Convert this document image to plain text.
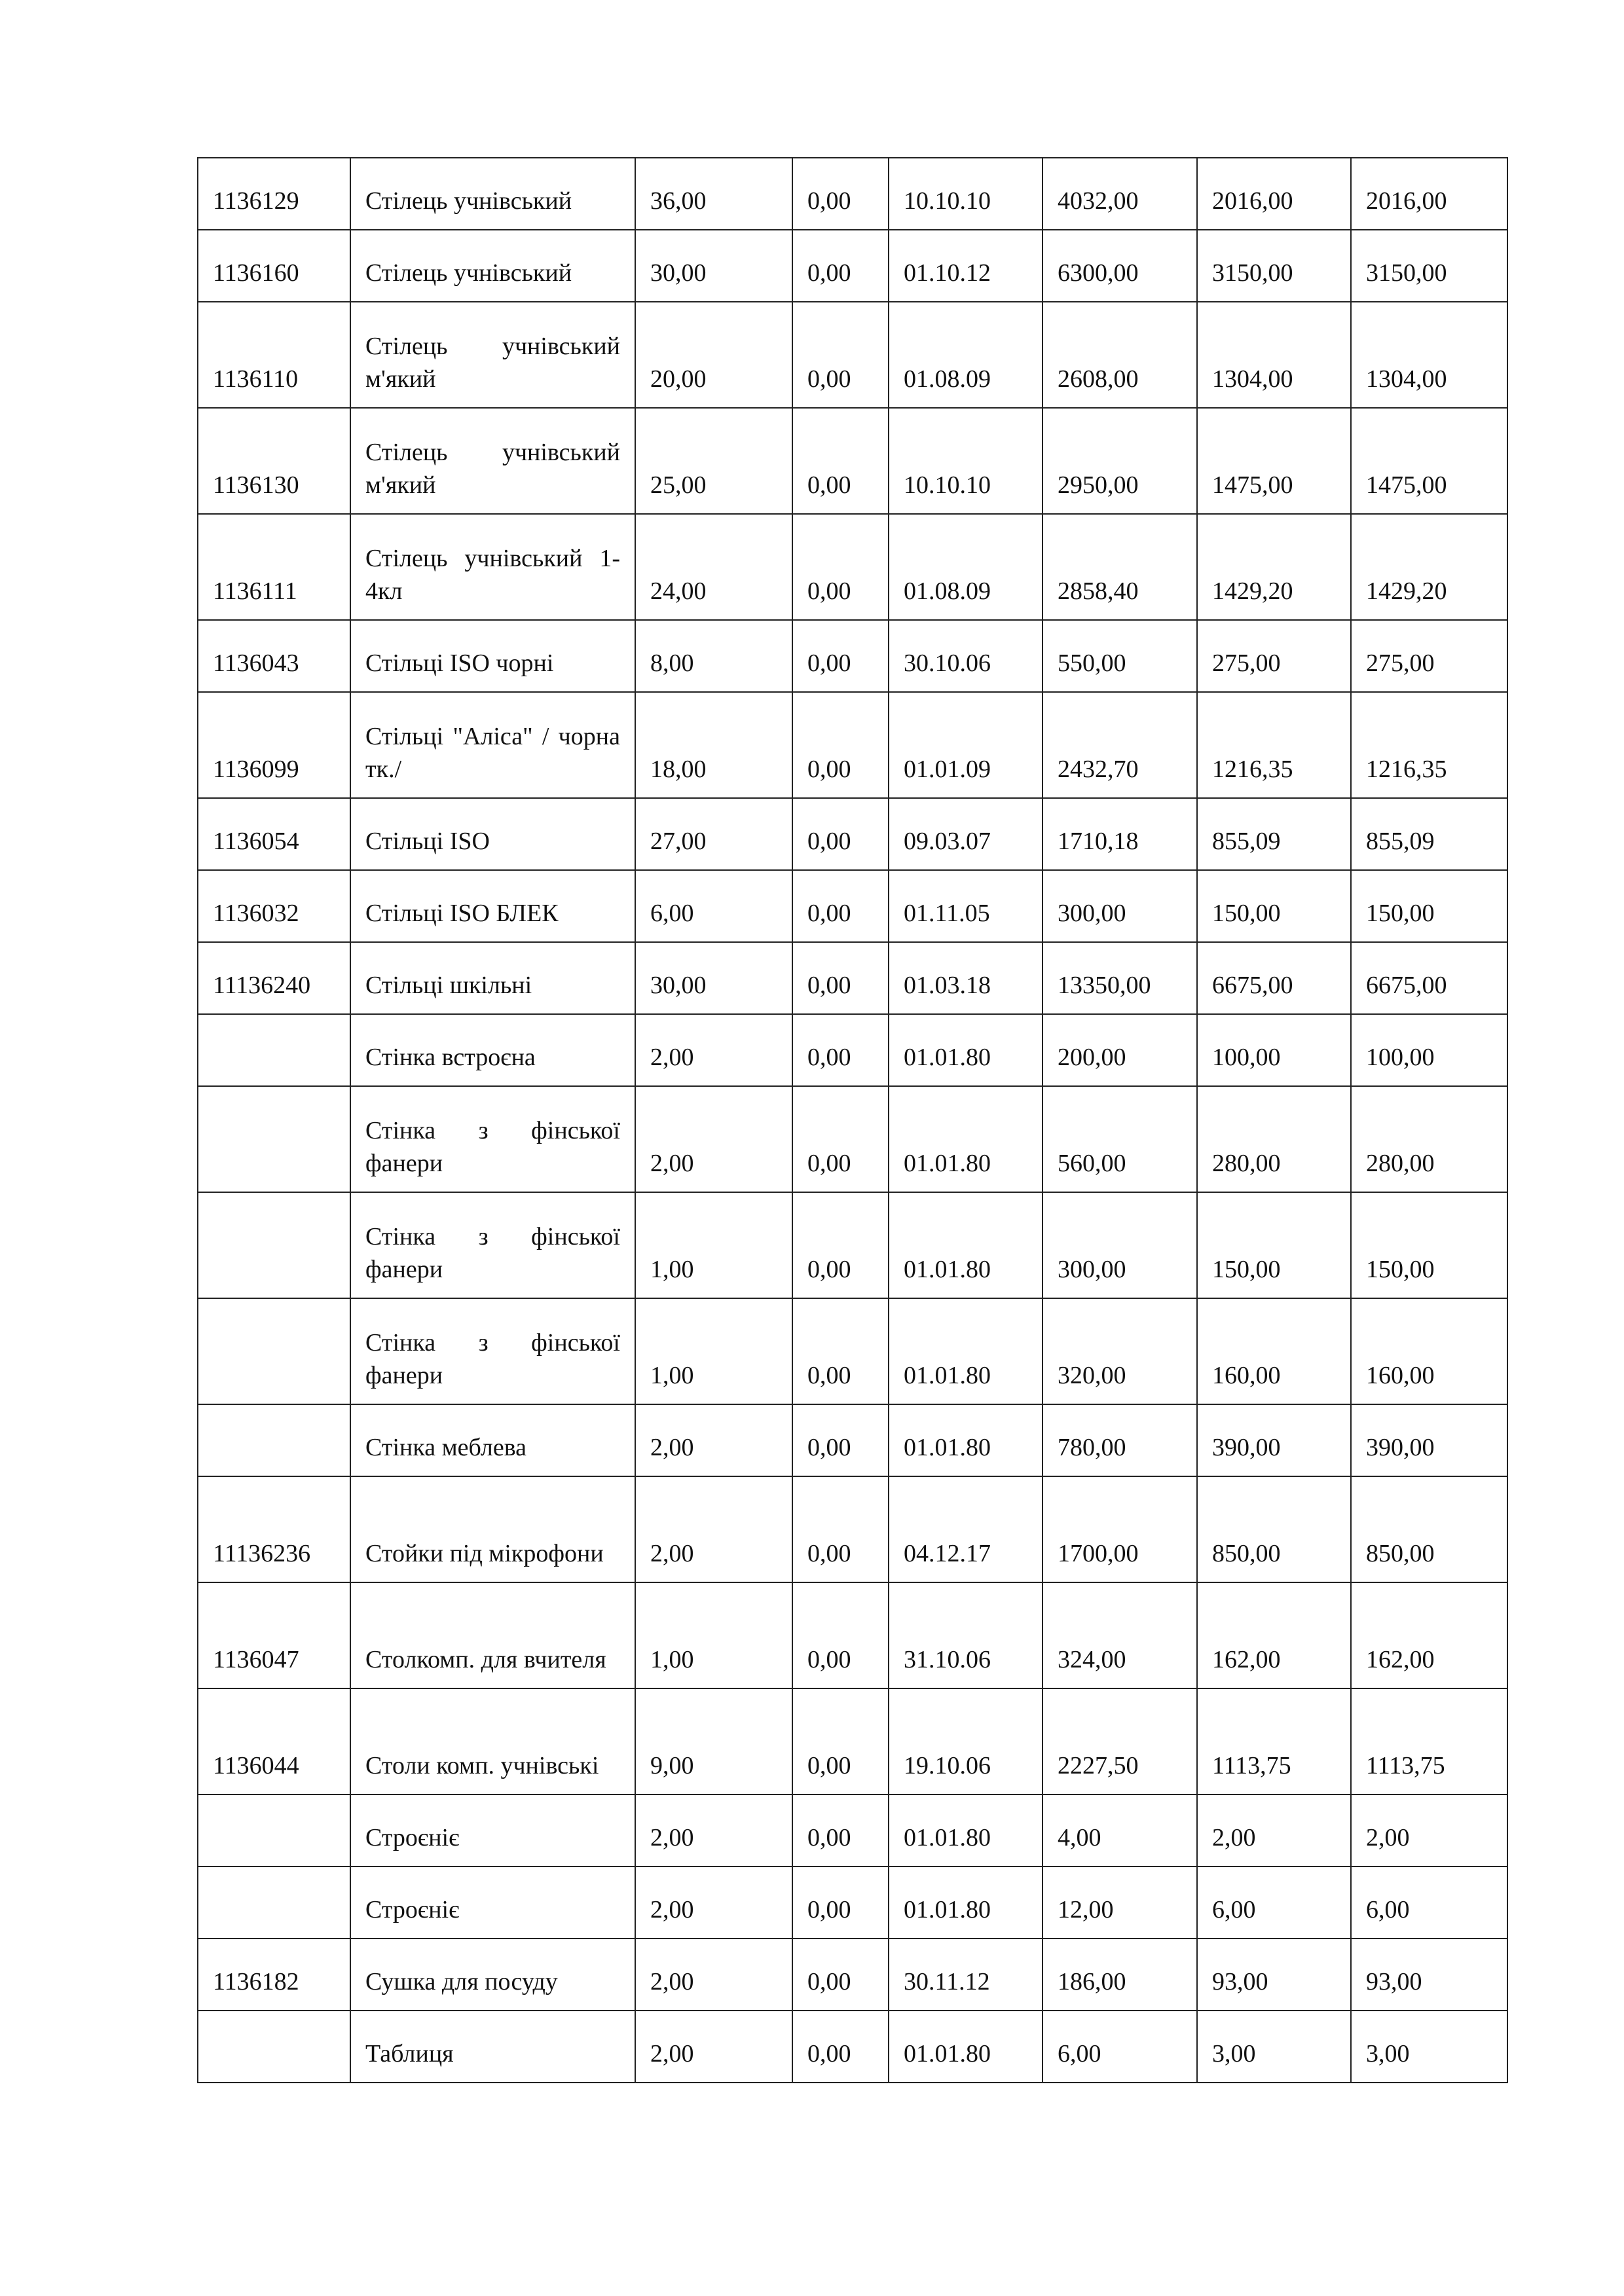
1136129	Стілець учнівський	36,00	0,00	10.10.10	4032,00	2016,00	2016,00
1136160	Стілець учнівський	30,00	0,00	01.10.12	6300,00	3150,00	3150,00
1136110	Стілець учнівський м'який	20,00	0,00	01.08.09	2608,00	1304,00	1304,00
1136130	Стілець учнівський м'який	25,00	0,00	10.10.10	2950,00	1475,00	1475,00
1136111	Стілець учнівський 1-4кл	24,00	0,00	01.08.09	2858,40	1429,20	1429,20
1136043	Стільці ISO чорні	8,00	0,00	30.10.06	550,00	275,00	275,00
1136099	Стільці "Аліса" / чорна тк./	18,00	0,00	01.01.09	2432,70	1216,35	1216,35
1136054	Стільці ISO	27,00	0,00	09.03.07	1710,18	855,09	855,09
1136032	Стільці ISO БЛЕК	6,00	0,00	01.11.05	300,00	150,00	150,00
11136240	Стільці шкільні	30,00	0,00	01.03.18	13350,00	6675,00	6675,00
	Стінка встроєна	2,00	0,00	01.01.80	200,00	100,00	100,00
	Стінка з фінської фанери	2,00	0,00	01.01.80	560,00	280,00	280,00
	Стінка з фінської фанери	1,00	0,00	01.01.80	300,00	150,00	150,00
	Стінка з фінської фанери	1,00	0,00	01.01.80	320,00	160,00	160,00
	Стінка меблева	2,00	0,00	01.01.80	780,00	390,00	390,00
11136236	Стойки під мікрофони	2,00	0,00	04.12.17	1700,00	850,00	850,00
1136047	Столкомп. для вчителя	1,00	0,00	31.10.06	324,00	162,00	162,00
1136044	Столи комп. учнівські	9,00	0,00	19.10.06	2227,50	1113,75	1113,75
	Строєніє	2,00	0,00	01.01.80	4,00	2,00	2,00
	Строєніє	2,00	0,00	01.01.80	12,00	6,00	6,00
1136182	Сушка для посуду	2,00	0,00	30.11.12	186,00	93,00	93,00
	Таблиця	2,00	0,00	01.01.80	6,00	3,00	3,00
